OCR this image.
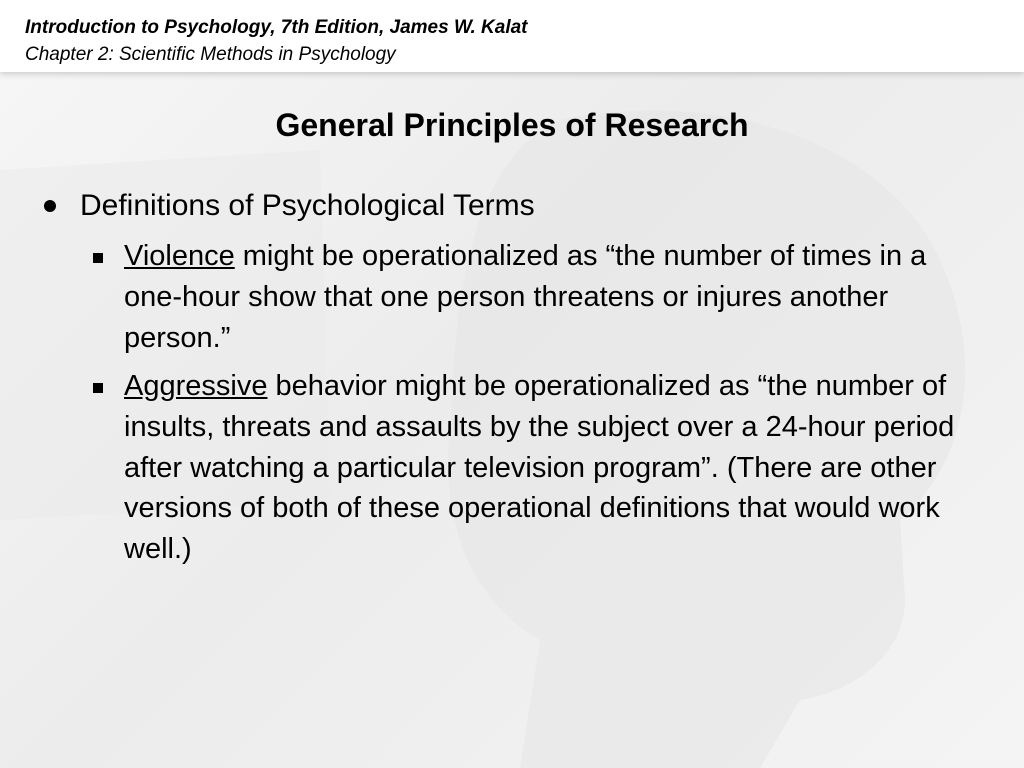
Introduction to Psychology, 7th Edition, James W. Kalat
Chapter 2: Scientific Methods in Psychology
General Principles of Research
Definitions of Psychological Terms
Violence might be operationalized as “the number of times in a one-hour show that one person threatens or injures another person.”
Aggressive behavior might be operationalized as “the number of insults, threats and assaults by the subject over a 24-hour period after watching a particular television program”. (There are other versions of both of these operational definitions that would work well.)
